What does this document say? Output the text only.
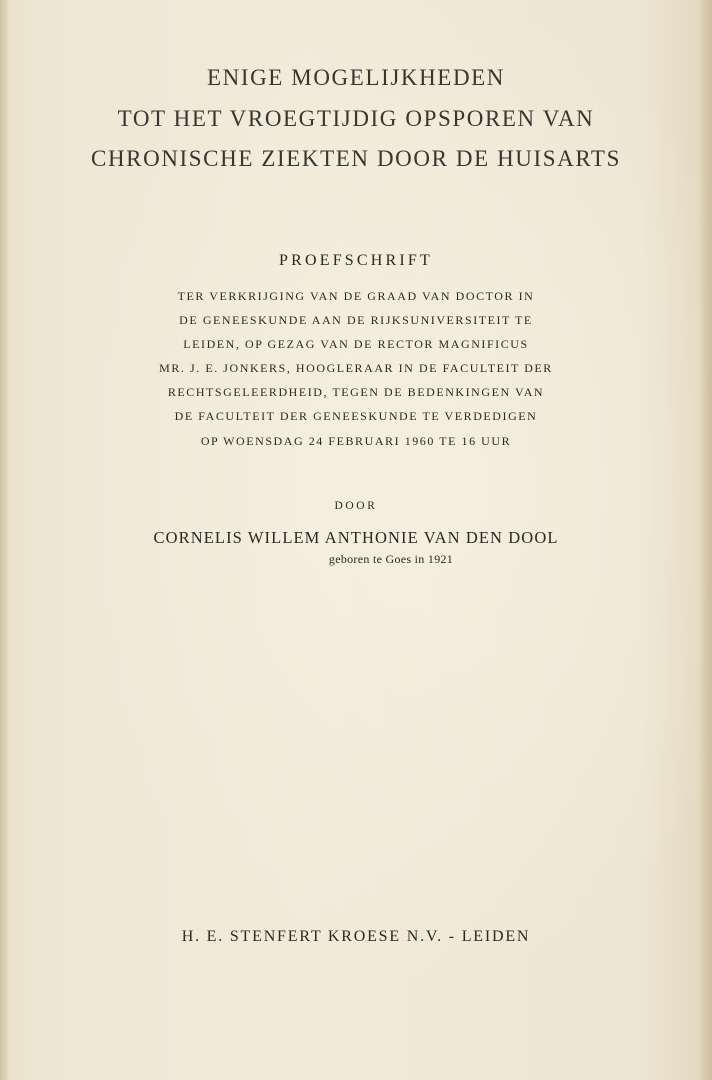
ENIGE MOGELIJKHEDEN
TOT HET VROEGTIJDIG OPSPOREN VAN
CHRONISCHE ZIEKTEN DOOR DE HUISARTS
PROEFSCHRIFT
TER VERKRIJGING VAN DE GRAAD VAN DOCTOR IN
DE GENEESKUNDE AAN DE RIJKSUNIVERSITEIT TE
LEIDEN, OP GEZAG VAN DE RECTOR MAGNIFICUS
MR. J. E. JONKERS, HOOGLERAAR IN DE FACULTEIT DER
RECHTSGELEERDHEID, TEGEN DE BEDENKINGEN VAN
DE FACULTEIT DER GENEESKUNDE TE VERDEDIGEN
OP WOENSDAG 24 FEBRUARI 1960 TE 16 UUR
DOOR
CORNELIS WILLEM ANTHONIE VAN DEN DOOL
geboren te Goes in 1921
H. E. STENFERT KROESE N.V. - LEIDEN
